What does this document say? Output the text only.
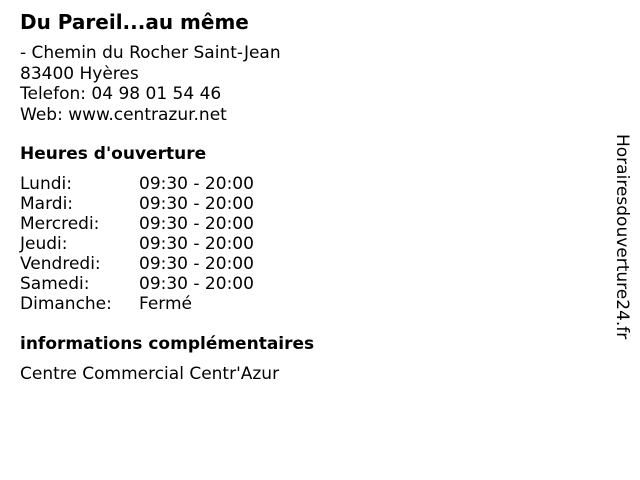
Du Pareil...au même
- Chemin du Rocher Saint-Jean
83400 Hyères
Telefon: 04 98 01 54 46
Web: www.centrazur.net
Heures d'ouverture
Lundi:	09:30 - 20:00
Mardi:	09:30 - 20:00
Mercredi: 09:30 - 20:00
Jeudi:	09:30 - 20:00
Vendredi: 09:30 - 20:00
Samedi:	09:30 - 20:00
Dimanche: Fermé
informations complémentaires
Centre Commercial Centr'Azur
Horairesdouverture24.fr
